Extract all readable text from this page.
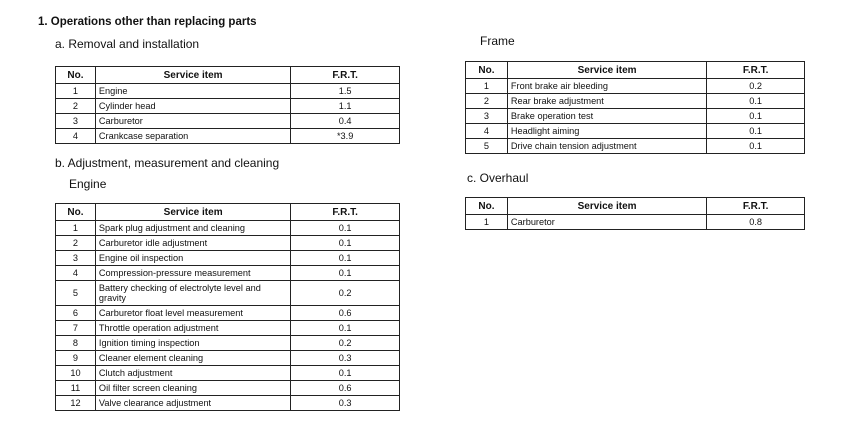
1. Operations other than replacing parts
a. Removal and installation
No.	Service item	F.R.T.
1	Engine	1.5
2	Cylinder head	1.1
3	Carburetor	0.4
4	Crankcase separation	*3.9
b. Adjustment, measurement and cleaning
Engine
No.	Service item	F.R.T.
1	Spark plug adjustment and cleaning	0.1
2	Carburetor idle adjustment	0.1
3	Engine oil inspection	0.1
4	Compression-pressure measurement	0.1
5	Battery checking of electrolyte level and gravity	0.2
6	Carburetor float level measurement	0.6
7	Throttle operation adjustment	0.1
8	Ignition timing inspection	0.2
9	Cleaner element cleaning	0.3
10	Clutch adjustment	0.1
11	Oil filter screen cleaning	0.6
12	Valve clearance adjustment	0.3
Frame
No.	Service item	F.R.T.
1	Front brake air bleeding	0.2
2	Rear brake adjustment	0.1
3	Brake operation test	0.1
4	Headlight aiming	0.1
5	Drive chain tension adjustment	0.1
c. Overhaul
No.	Service item	F.R.T.
1	Carburetor	0.8
